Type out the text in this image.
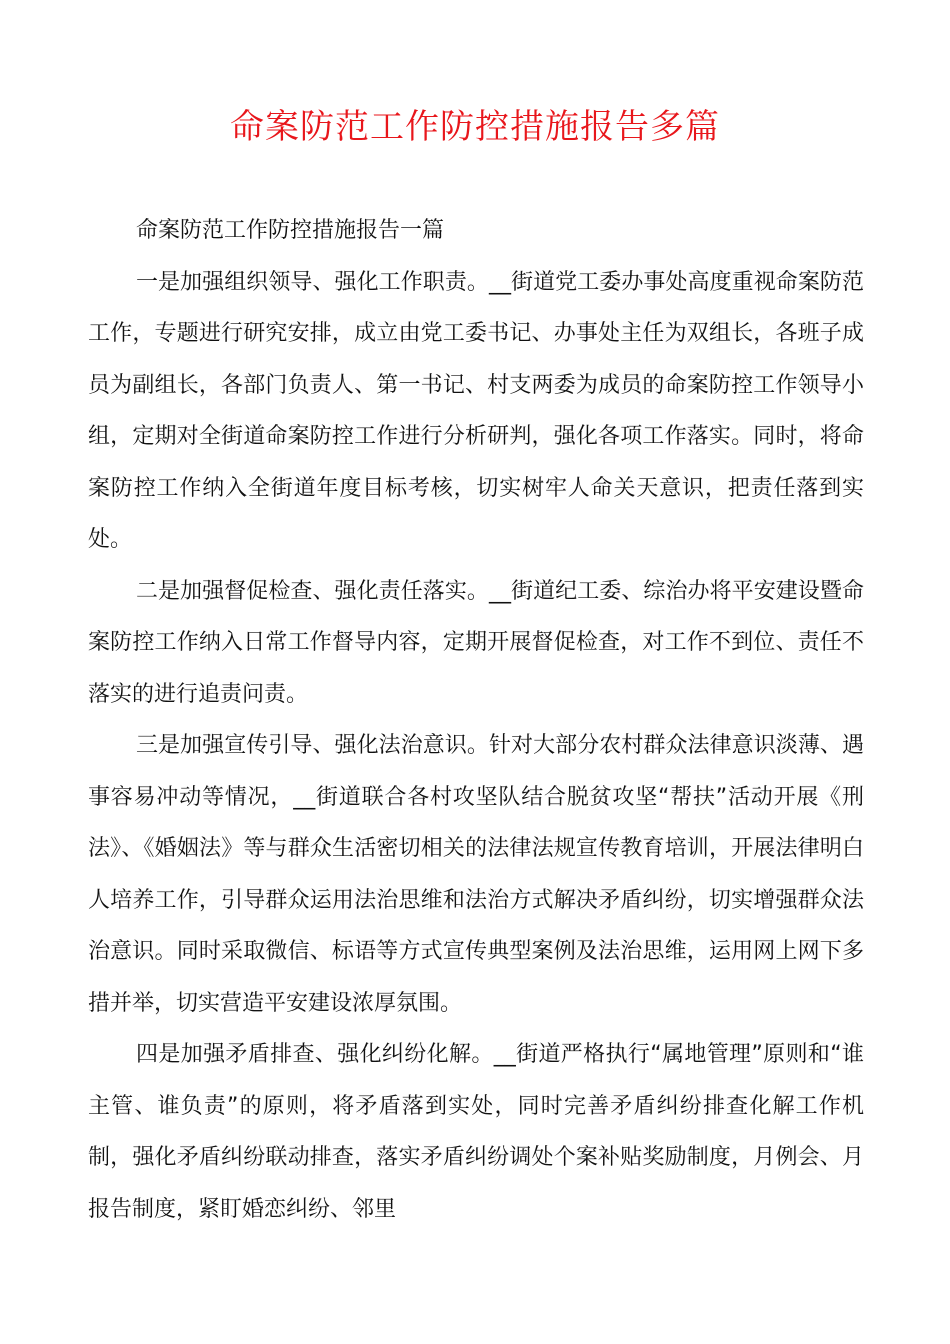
命案防范工作防控措施报告多篇

命案防范工作防控措施报告一篇

一是加强组织领导、强化工作职责。__街道党工委办事处高度重视命案防范工作，专题进行研究安排，成立由党工委书记、办事处主任为双组长，各班子成员为副组长，各部门负责人、第一书记、村支两委为成员的命案防控工作领导小组，定期对全街道命案防控工作进行分析研判，强化各项工作落实。同时，将命案防控工作纳入全街道年度目标考核，切实树牢人命关天意识，把责任落到实处。

二是加强督促检查、强化责任落实。__街道纪工委、综治办将平安建设暨命案防控工作纳入日常工作督导内容，定期开展督促检查，对工作不到位、责任不落实的进行追责问责。

三是加强宣传引导、强化法治意识。针对大部分农村群众法律意识淡薄、遇事容易冲动等情况，__街道联合各村攻坚队结合脱贫攻坚“帮扶”活动开展《刑法》、《婚姻法》等与群众生活密切相关的法律法规宣传教育培训，开展法律明白人培养工作，引导群众运用法治思维和法治方式解决矛盾纠纷，切实增强群众法治意识。同时采取微信、标语等方式宣传典型案例及法治思维，运用网上网下多措并举，切实营造平安建设浓厚氛围。

四是加强矛盾排查、强化纠纷化解。__街道严格执行“属地管理”原则和“谁主管、谁负责”的原则，将矛盾落到实处，同时完善矛盾纠纷排查化解工作机制，强化矛盾纠纷联动排查，落实矛盾纠纷调处个案补贴奖励制度，月例会、月报告制度，紧盯婚恋纠纷、邻里
